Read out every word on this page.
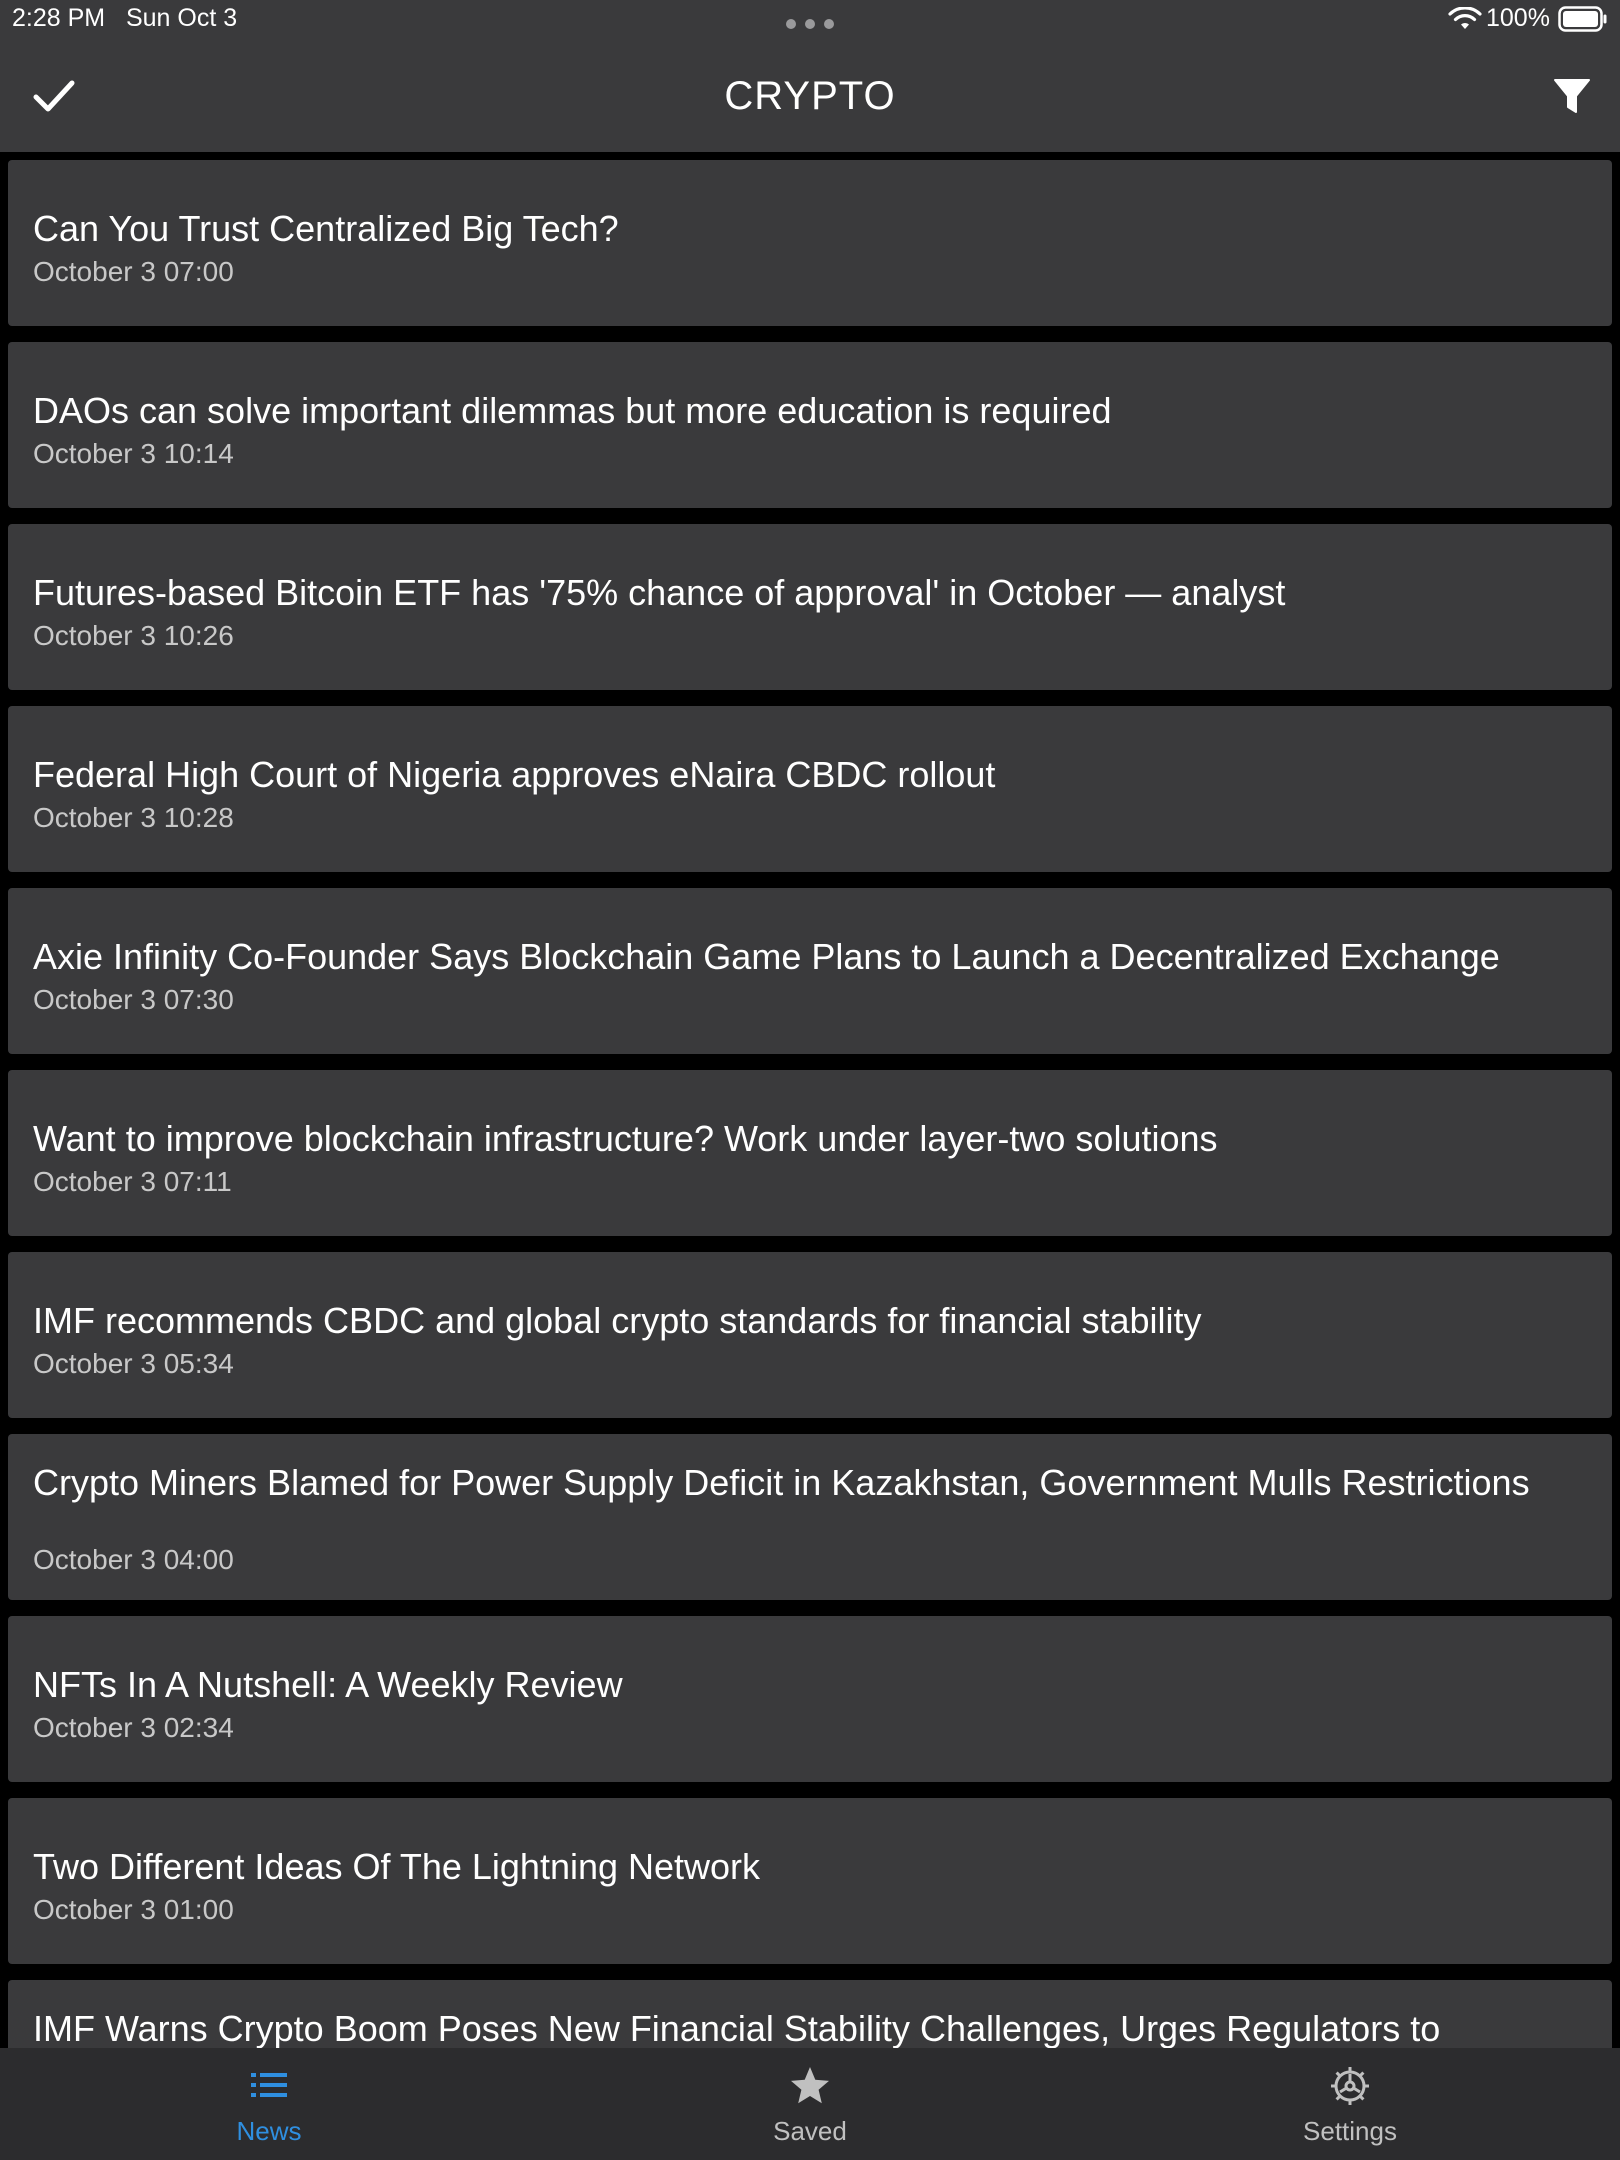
2:28 PM Sun Oct 3	100%
CRYPTO
Can You Trust Centralized Big Tech?
October 3 07:00
DAOs can solve important dilemmas but more education is required
October 3 10:14
Futures-based Bitcoin ETF has '75% chance of approval' in October — analyst
October 3 10:26
Federal High Court of Nigeria approves eNaira CBDC rollout
October 3 10:28
Axie Infinity Co-Founder Says Blockchain Game Plans to Launch a Decentralized Exchange
October 3 07:30
Want to improve blockchain infrastructure? Work under layer-two solutions
October 3 07:11
IMF recommends CBDC and global crypto standards for financial stability
October 3 05:34
Crypto Miners Blamed for Power Supply Deficit in Kazakhstan, Government Mulls Restrictions
October 3 04:00
NFTs In A Nutshell: A Weekly Review
October 3 02:34
Two Different Ideas Of The Lightning Network
October 3 01:00
IMF Warns Crypto Boom Poses New Financial Stability Challenges, Urges Regulators to
News	Saved	Settings
